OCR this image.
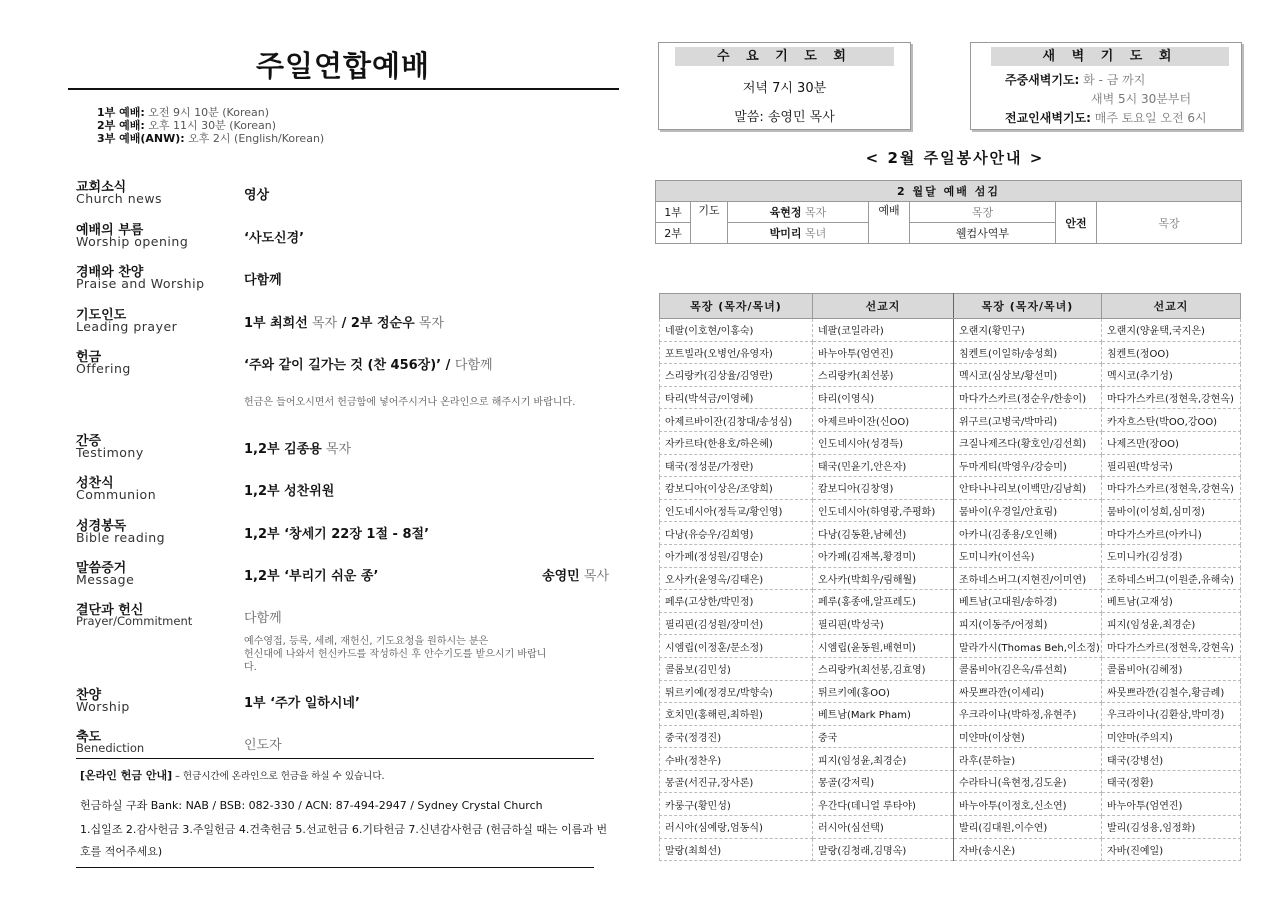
주일연합예배
1부 예배: 오전 9시 10분 (Korean)
2부 예배: 오후 11시 30분 (Korean)
3부 예배(ANW): 오후 2시 (English/Korean)
교회소식
Church news	영상
예배의 부름
Worship opening	‘사도신경’
경배와 찬양
Praise and Worship	다함께
기도인도
Leading prayer	1부 최희선 목자 / 2부 정순우 목자
헌금
Offering	‘주와 같이 길가는 것 (찬 456장)’ / 다함께
헌금은 들어오시면서 헌금함에 넣어주시거나 온라인으로 해주시기 바랍니다.
간증
Testimony	1,2부 김종용 목자
성찬식
Communion	1,2부 성찬위원
성경봉독
Bible reading	1,2부 ‘창세기 22장 1절 - 8절’
말씀증거
Message	1,2부 ‘부리기 쉬운 종’	송영민 목사
결단과 헌신
Prayer/Commitment	다함께
예수영접, 등록, 세례, 재헌신, 기도요청을 원하시는 분은
헌신대에 나와서 헌신카드를 작성하신 후 안수기도를 받으시기 바랍니
다.
찬양
Worship	1부 ‘주가 일하시네’
축도
Benediction	인도자
[온라인 헌금 안내] – 헌금시간에 온라인으로 헌금을 하실 수 있습니다.
헌금하실 구좌 Bank: NAB / BSB: 082-330 / ACN: 87-494-2947 / Sydney Crystal Church
1.십일조 2.감사헌금 3.주일헌금 4.건축헌금 5.선교헌금 6.기타헌금 7.신년감사헌금 (헌금하실 때는 이름과 번
호를 적어주세요)
수 요 기 도 회
저녁 7시 30분
말씀: 송영민 목사
새 벽 기 도 회
주중새벽기도: 화 - 금 까지
새벽 5시 30분부터
전교인새벽기도: 매주 토요일 오전 6시
< 2월 주일봉사안내 >
2 월달 예배 섬김						
1부	기도	육현정 목자	예배	목장	안전	목장
2부		박미리 목녀		웰컴사역부		
목장 (목자/목녀)	선교지	목장 (목자/목녀)	선교지
네팔(이호현/이홍숙)	네팔(코일라라)	오랜지(황민구)	오랜지(양윤택,국지은)
포트빌라(오병언/유영자)	바누아투(엄연진)	침켄트(이일하/송성희)	침켄트(정OO)
스리랑카(김상율/김영란)	스리랑카(최선봉)	멕시코(심상보/황선미)	멕시코(추기성)
타리(박석금/이영혜)	타리(이영식)	마다가스카르(정순우/한송이)	마다가스카르(정현욱,강현옥)
아제르바이잔(김창대/송성심)	아제르바이잔(신OO)	위구르(고병국/박마리)	카자흐스탄(박OO,강OO)
자카르타(한용호/하은혜)	인도네시아(성경득)	크질나제즈다(황호인/김선희)	나제즈만(장OO)
태국(정성문/가정란)	태국(민윤기,안은자)	두마게티(박영우/강승미)	필리핀(박성국)
캄보디아(이상은/조양희)	캄보디아(김창영)	안타나나리보(이백만/김남희)	마다가스카르(정현욱,강현옥)
인도네시아(정득교/황인영)	인도네시아(하영광,주평화)	뭄바이(우경일/안효림)	뭄바이(이성희,심미정)
다낭(유승우/김희영)	다낭(김동환,남혜선)	아카니(김종용/오인해)	마다가스카르(아카니)
아가페(정성원/김명순)	아가페(김재복,황경미)	도미니카(이선옥)	도미니카(김성경)
오사카(윤영옥/김태은)	오사카(박희우/림해월)	조하네스버그(지현진/이미연)	조하네스버그(이원준,유해숙)
페루(고상한/박민정)	페루(홍종애,알프레도)	베트남(고대원/송하경)	베트남(고재성)
필리핀(김성원/장미선)	필리핀(박성국)	피지(이동주/어정희)	피지(임성윤,최경순)
시엠립(이정훈/문소정)	시엠립(윤동원,배현미)	말라가시(Thomas Beh,이소정)	마다가스카르(정현욱,강현옥)
콜롬보(김민성)	스리랑카(최선봉,김효영)	콜롬비아(김은옥/류선희)	콜롬비아(김혜정)
튀르키예(정경모/박향숙)	튀르키예(홍OO)	싸뭇쁘라깐(이세리)	싸뭇쁘라깐(김철수,황금례)
호치민(홍해린,최하원)	베트남(Mark Pham)	우크라이나(박하정,유현주)	우크라이나(김환삼,박미경)
중국(정경진)	중국	미얀마(이상현)	미얀마(주의지)
수바(정찬우)	피지(임성윤,최경순)	라후(문하늘)	태국(강병선)
몽골(서진규,장사론)	몽골(강저릭)	수라타니(육현정,김도윤)	태국(정환)
카룽구(황민성)	우간다(데니얼 루타야)	바누아투(이정호,신소연)	바누아투(엄연진)
러시아(심예랑,엄동식)	러시아(심선택)	발리(김대원,이수연)	발리(김성용,임정화)
말랑(최희선)	말랑(김청래,김명옥)	자바(송시온)	자바(진예일)
